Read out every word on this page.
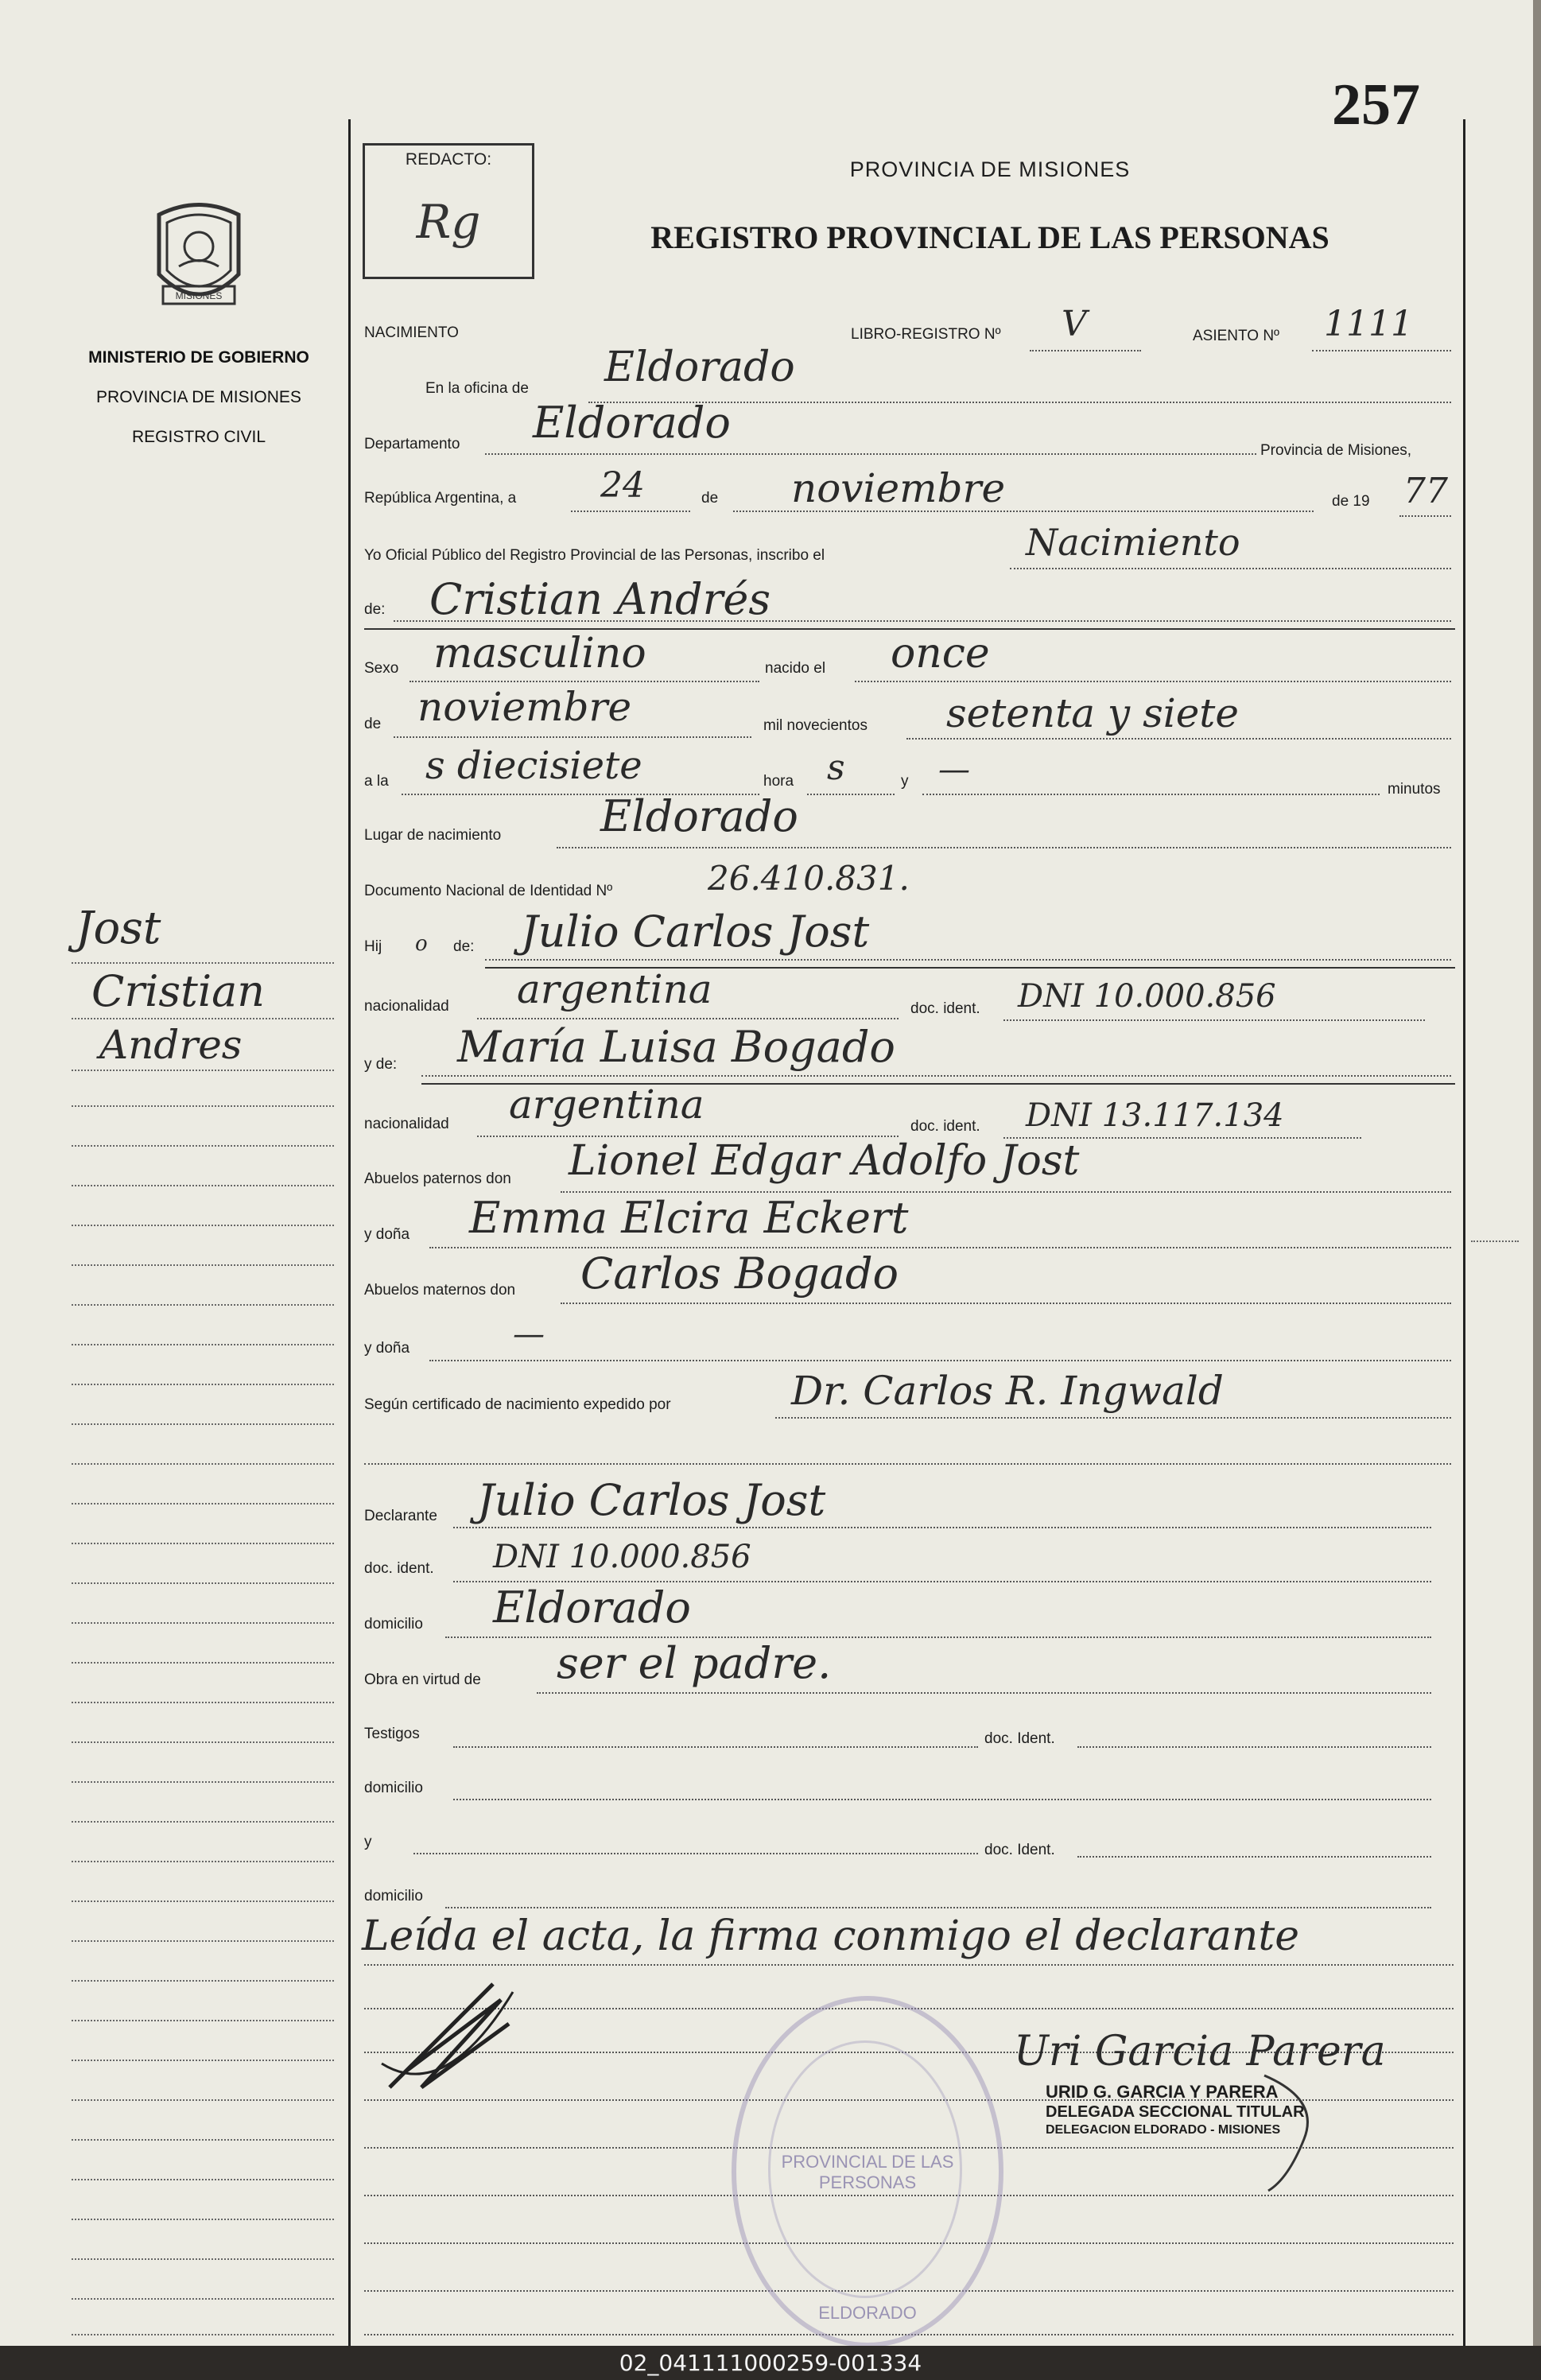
257
REDACTO:
Rg
MISIONES
MINISTERIO DE GOBIERNO
PROVINCIA DE MISIONES
REGISTRO CIVIL
PROVINCIA DE MISIONES
REGISTRO PROVINCIAL DE LAS PERSONAS
NACIMIENTO	LIBRO-REGISTRO Nº V	ASIENTO Nº 1111
En la oficina de Eldorado
Departamento Eldorado
Provincia de Misiones,
República Argentina, a 24	de noviembre	de 19 77
Yo Oficial Público del Registro Provincial de las Personas, inscribo el	Nacimiento
de: Cristian Andrés
Sexo masculino	nacido el once
de noviembre	mil novecientos setenta y siete
a la s diecisiete	hora s	y —
minutos
Lugar de nacimiento Eldorado
Documento Nacional de Identidad Nº	26.410.831.
Hij o de: Julio Carlos Jost
nacionalidad argentina	doc. ident. DNI 10.000.856
y de: María Luisa Bogado
nacionalidad argentina	doc. ident. DNI 13.117.134
Abuelos paternos don Lionel Edgar Adolfo Jost
y doña Emma Elcira Eckert
Abuelos maternos don Carlos Bogado
y doña	—
Según certificado de nacimiento expedido por	Dr. Carlos R. Ingwald
Declarante Julio Carlos Jost
doc. ident. DNI 10.000.856
domicilio Eldorado
Obra en virtud de ser el padre.
Testigos	doc. Ident.
domicilio
y	doc. Ident.
domicilio
Leída el acta, la firma conmigo el declarante
Uri Garcia Parera
URID G. GARCIA Y PARERA
DELEGADA SECCIONAL TITULAR
DELEGACION ELDORADO - MISIONES
PROVINCIAL DE LAS PERSONAS
ELDORADO
Jost
Cristian
Andres
02_041111000259-001334
